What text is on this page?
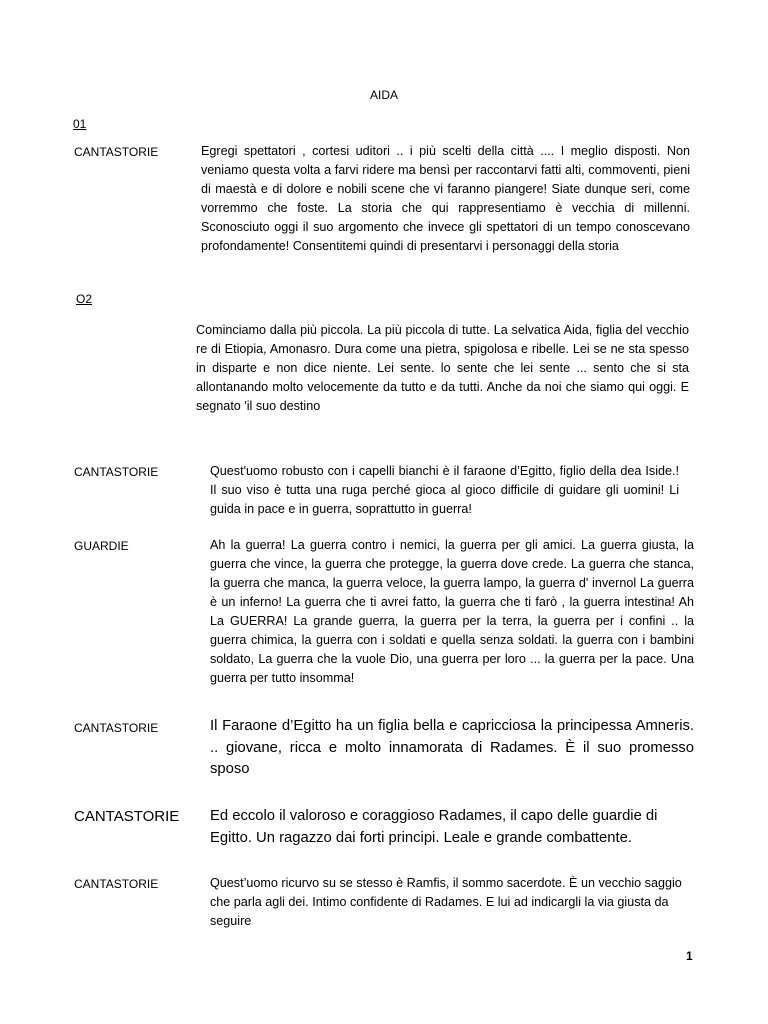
AIDA
01
CANTASTORIE	Egregi spettatori , cortesi uditori .. i più scelti della città .... I meglio disposti. Non veniamo questa volta a farvi ridere ma bensì per raccontarvi fatti alti, commoventi, pieni di maestà e di dolore e nobili scene che vi faranno piangere! Siate dunque seri, come vorremmo che foste. La storia che qui rappresentiamo è vecchia di millenni. Sconosciuto oggi il suo argomento che invece gli spettatori di un tempo conoscevano profondamente! Consentitemi quindi di presentarvi i personaggi della storia
O2
Cominciamo dalla più piccola. La più piccola di tutte. La selvatica Aida, figlia del vecchio re di Etiopia, Amonasro. Dura come una pietra, spigolosa e ribelle. Lei se ne sta spesso in disparte e non dice niente. Lei sente. lo sente che lei sente ... sento che si sta allontanando molto velocemente da tutto e da tutti. Anche da noi che siamo qui oggi. E segnato 'il suo destino
CANTASTORIE	Quest'uomo robusto con i capelli bianchi è il faraone d’Egitto, figlio della dea Iside.! Il suo viso è tutta una ruga perché gioca al gioco difficile di guidare gli uomini! Li guida in pace e in guerra, soprattutto in guerra!
GUARDIE	Ah la guerra! La guerra contro i nemici, la guerra per gli amici. La guerra giusta, la guerra che vince, la guerra che protegge, la guerra dove crede. La guerra che stanca, la guerra che manca, la guerra veloce, la guerra lampo, la guerra d' invernol La guerra è un inferno! La guerra che ti avrei fatto, la guerra che ti farò , la guerra intestina! Ah La GUERRA! La grande guerra, la guerra per la terra, la guerra per i confini .. la guerra chimica, la guerra con i soldati e quella senza soldati. la guerra con i bambini soldato, La guerra che la vuole Dio, una guerra per loro ... la guerra per la pace. Una guerra per tutto insomma!
CANTASTORIE	Il Faraone d’Egitto ha un figlia bella e capricciosa la principessa Amneris. .. giovane, ricca e molto innamorata di Radames. È il suo promesso sposo
CANTASTORIE Ed eccolo il valoroso e coraggioso Radames, il capo delle guardie di Egitto. Un ragazzo dai forti principi. Leale e grande combattente.
CANTASTORIE	Quest’uomo ricurvo su se stesso è Ramfis, il sommo sacerdote. È un vecchio saggio che parla agli dei. Intimo confidente di Radames. E lui ad indicargli la via giusta da seguire
1
